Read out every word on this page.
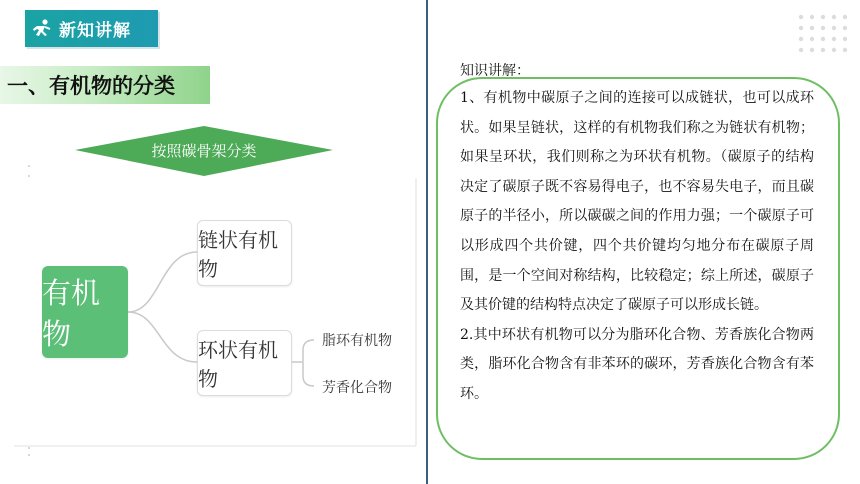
新知讲解
一、有机物的分类
按照碳骨架分类
有机物
链状有机物
环状有机物
脂环有机物
芳香化合物
知识讲解：

1、有机物中碳原子之间的连接可以成链状，也可以成环状。如果呈链状，这样的有机物我们称之为链状有机物；如果呈环状，我们则称之为环状有机物。（碳原子的结构决定了碳原子既不容易得电子，也不容易失电子，而且碳原子的半径小，所以碳碳之间的作用力强；一个碳原子可以形成四个共价键，四个共价键均匀地分布在碳原子周围，是一个空间对称结构，比较稳定；综上所述，碳原子及其价键的结构特点决定了碳原子可以形成长链。

2.其中环状有机物可以分为脂环化合物、芳香族化合物两类，脂环化合物含有非苯环的碳环，芳香族化合物含有苯环。
